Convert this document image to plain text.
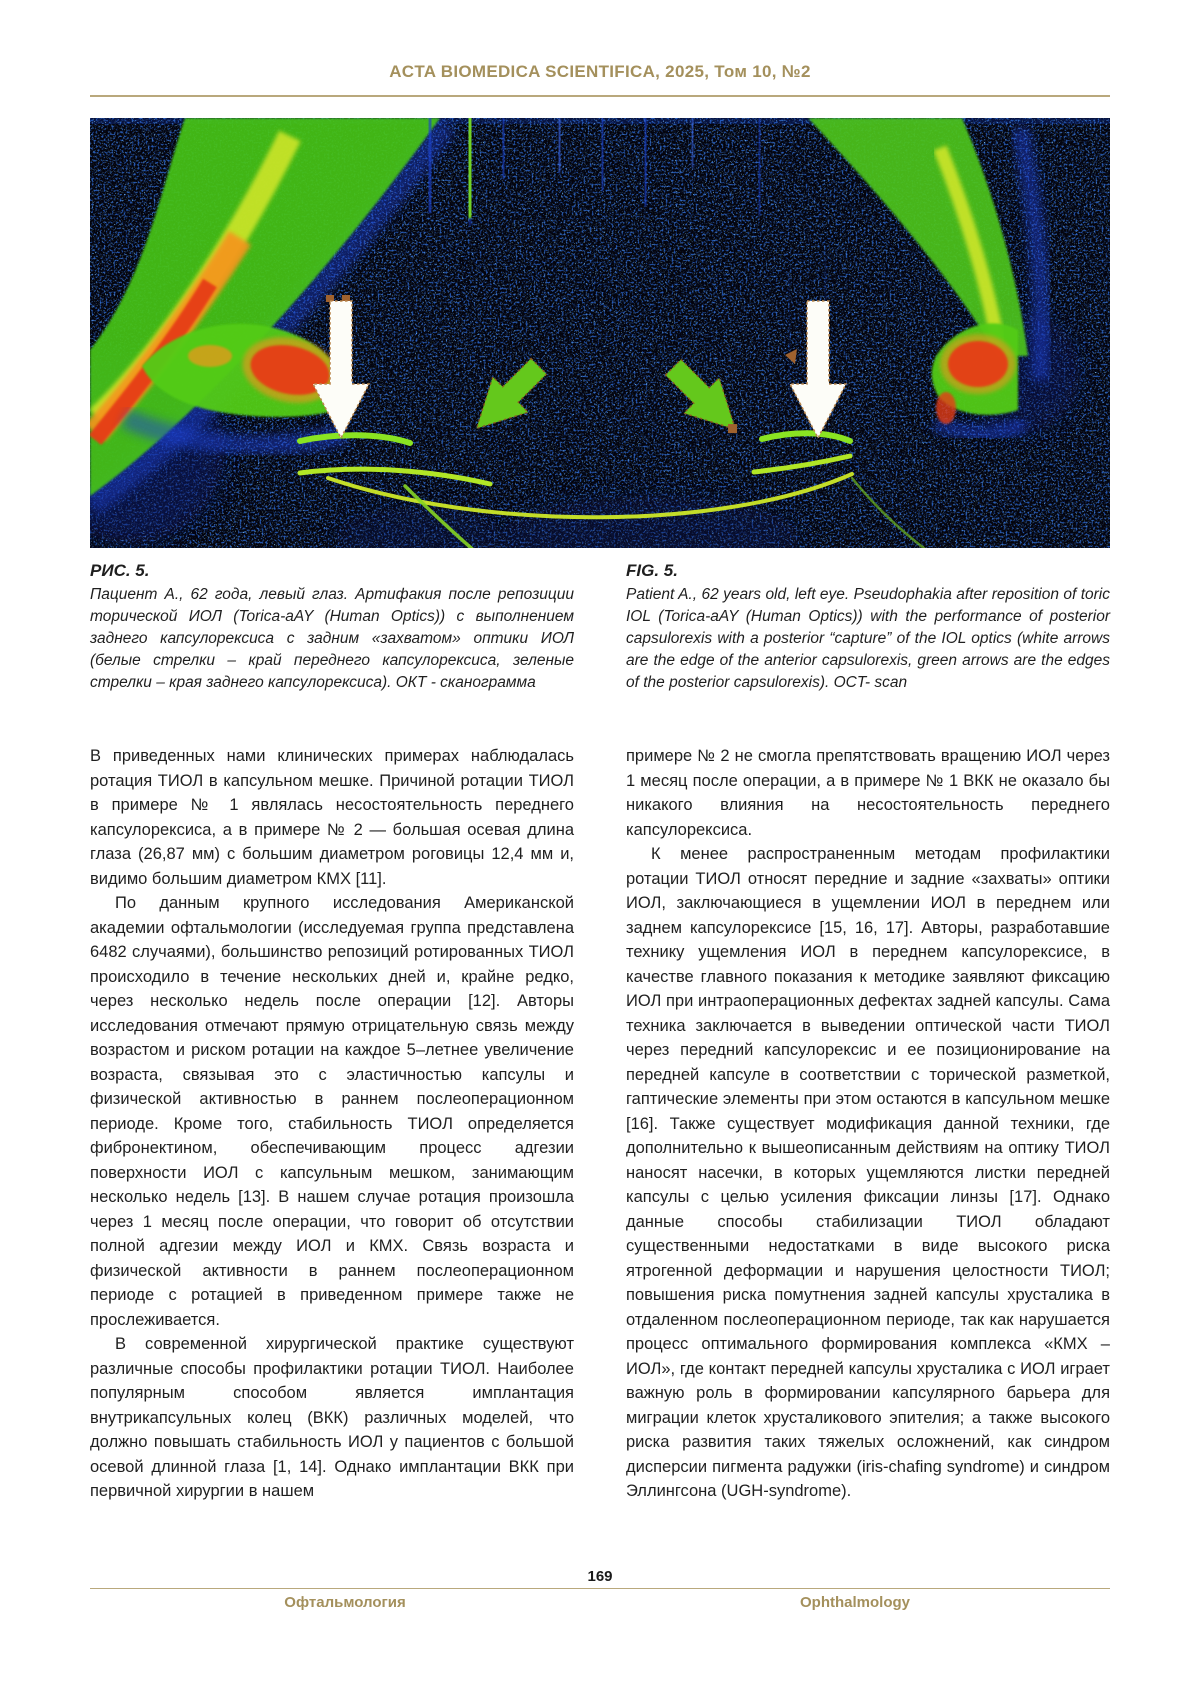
ACTA BIOMEDICA SCIENTIFICA, 2025, Том 10, №2
РИС. 5.
Пациент А., 62 года, левый глаз. Артифакия после репозиции торической ИОЛ (Torica-aAY (Human Optics)) с выполнением заднего капсулорексиса с задним «захватом» оптики ИОЛ (белые стрелки – край переднего капсулорексиса, зеленые стрелки – края заднего капсулорексиса). ОКТ - сканограмма
FIG. 5.
Patient A., 62 years old, left eye. Pseudophakia after reposition of toric IOL (Torica-aAY (Human Optics)) with the performance of posterior capsulorexis with a posterior “capture” of the IOL optics (white arrows are the edge of the anterior capsulorexis, green arrows are the edges of the posterior capsulorexis). OCT- scan

В приведенных нами клинических примерах наблюдалась ротация ТИОЛ в капсульном мешке. Причиной ротации ТИОЛ в примере № 1 являлась несостоятельность переднего капсулорексиса, а в примере № 2 — большая осевая длина глаза (26,87 мм) с большим диаметром роговицы 12,4 мм и, видимо большим диаметром КМХ [11].

По данным крупного исследования Американской академии офтальмологии (исследуемая группа представлена 6482 случаями), большинство репозиций ротированных ТИОЛ происходило в течение нескольких дней и, крайне редко, через несколько недель после операции [12]. Авторы исследования отмечают прямую отрицательную связь между возрастом и риском ротации на каждое 5–летнее увеличение возраста, связывая это с эластичностью капсулы и физической активностью в раннем послеоперационном периоде. Кроме того, стабильность ТИОЛ определяется фибронектином, обеспечивающим процесс адгезии поверхности ИОЛ с капсульным мешком, занимающим несколько недель [13]. В нашем случае ротация произошла через 1 месяц после операции, что говорит об отсутствии полной адгезии между ИОЛ и КМХ. Связь возраста и физической активности в раннем послеоперационном периоде с ротацией в приведенном примере также не прослеживается.

В современной хирургической практике существуют различные способы профилактики ротации ТИОЛ. Наиболее популярным способом является имплантация внутрикапсульных колец (ВКК) различных моделей, что должно повышать стабильность ИОЛ у пациентов с большой осевой длинной глаза [1, 14]. Однако имплантации ВКК при первичной хирургии в нашем

примере № 2 не смогла препятствовать вращению ИОЛ через 1 месяц после операции, а в примере № 1 ВКК не оказало бы никакого влияния на несостоятельность переднего капсулорексиса.

К менее распространенным методам профилактики ротации ТИОЛ относят передние и задние «захваты» оптики ИОЛ, заключающиеся в ущемлении ИОЛ в переднем или заднем капсулорексисе [15, 16, 17]. Авторы, разработавшие технику ущемления ИОЛ в переднем капсулорексисе, в качестве главного показания к методике заявляют фиксацию ИОЛ при интраоперационных дефектах задней капсулы. Сама техника заключается в выведении оптической части ТИОЛ через передний капсулорексис и ее позиционирование на передней капсуле в соответствии с торической разметкой, гаптические элементы при этом остаются в капсульном мешке [16]. Также существует модификация данной техники, где дополнительно к вышеописанным действиям на оптику ТИОЛ наносят насечки, в которых ущемляются листки передней капсулы с целью усиления фиксации линзы [17]. Однако данные способы стабилизации ТИОЛ обладают существенными недостатками в виде высокого риска ятрогенной деформации и нарушения целостности ТИОЛ; повышения риска помутнения задней капсулы хрусталика в отдаленном послеоперационном периоде, так как нарушается процесс оптимального формирования комплекса «КМХ – ИОЛ», где контакт передней капсулы хрусталика с ИОЛ играет важную роль в формировании капсулярного барьера для миграции клеток хрусталикового эпителия; а также высокого риска развития таких тяжелых осложнений, как синдром дисперсии пигмента радужки (iris-chafing syndrome) и синдром Эллингсона (UGH-syndrome).

169
Офтальмология	Ophthalmology
